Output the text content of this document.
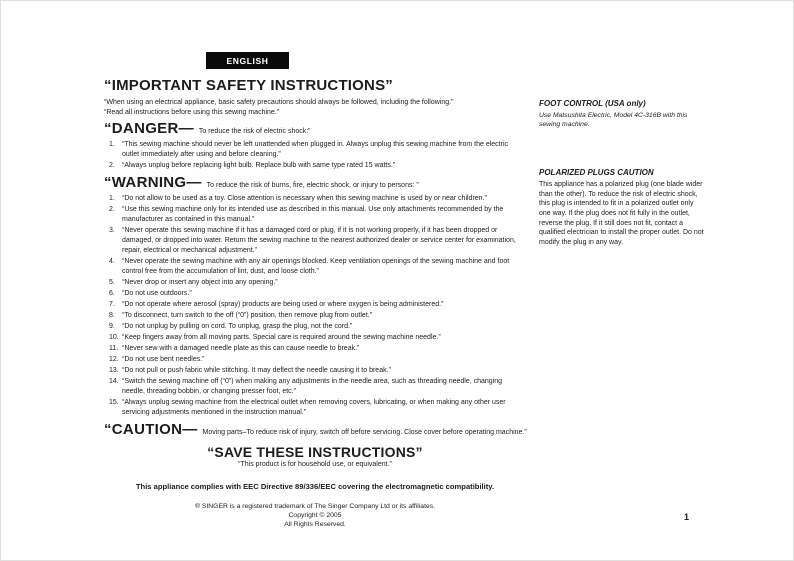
ENGLISH
“IMPORTANT SAFETY INSTRUCTIONS”

“When using an electrical appliance, basic safety precautions should always be followed, including the following.”

“Read all instructions before using this sewing machine.”

“DANGER— To reduce the risk of electric shock:”
1.	“This sewing machine should never be left unattended when plugged in. Always unplug this sewing machine from the electric outlet immediately after using and before cleaning.”
2.	“Always unplug before replacing light bulb. Replace bulb with same type rated 15 watts.”
“WARNING— To reduce the risk of burns, fire, electric shock, or injury to persons: ”
1.	“Do not allow to be used as a toy. Close attention is necessary when this sewing machine is used by or near children.”
2.	“Use this sewing machine only for its intended use as described in this manual. Use only attachments recommended by the manufacturer as contained in this manual.”
3.	“Never operate this sewing machine if it has a damaged cord or plug, if it is not working properly, if it has been dropped or damaged, or dropped into water. Return the sewing machine to the nearest authorized dealer or service center for examination, repair, electrical or mechanical adjustment.”
4.	“Never operate the sewing machine with any air openings blocked. Keep ventilation openings of the sewing machine and foot control free from the accumulation of lint, dust, and loose cloth.”
5.	“Never drop or insert any object into any opening.”
6.	“Do not use outdoors.”
7.	“Do not operate where aerosol (spray) products are being used or where oxygen is being administered.”
8.	“To disconnect, turn switch to the off (“0”) position, then remove plug from outlet.”
9.	“Do not unplug by pulling on cord. To unplug, grasp the plug, not the cord.”
10. “Keep fingers away from all moving parts. Special care is required around the sewing machine needle.”
11. “Never sew with a damaged needle plate as this can cause needle to break.”
12. “Do not use bent needles.”
13. “Do not pull or push fabric while stitching. It may deflect the needle causing it to break.”
14. “Switch the sewing machine off (“0”) when making any adjustments in the needle area, such as threading needle, changing needle, threading bobbin, or changing presser foot, etc.”
15. “Always unplug sewing machine from the electrical outlet when removing covers, lubricating, or when making any other user servicing adjustments mentioned in the instruction manual.”
“CAUTION— Moving parts–To reduce risk of injury, switch off before servicing. Close cover before operating machine.”
“SAVE THESE INSTRUCTIONS”
“This product is for household use, or equivalent.”
This appliance complies with EEC Directive 89/336/EEC covering the electromagnetic compatibility.
® SINGER is a registered trademark of The Singer Company Ltd or its affiliates.
Copyright © 2005
All Rights Reserved.
FOOT CONTROL (USA only)
Use Matsushita Electric, Model 4C-316B with this sewing machine.
POLARIZED PLUGS CAUTION
This appliance has a polarized plug (one blade wider than the other). To reduce the risk of electric shock, this plug is intended to fit in a polarized outlet only one way. If the plug does not fit fully in the outlet, reverse the plug. If it still does not fit, contact a qualified electrician to install the proper outlet. Do not modify the plug in any way.
1
